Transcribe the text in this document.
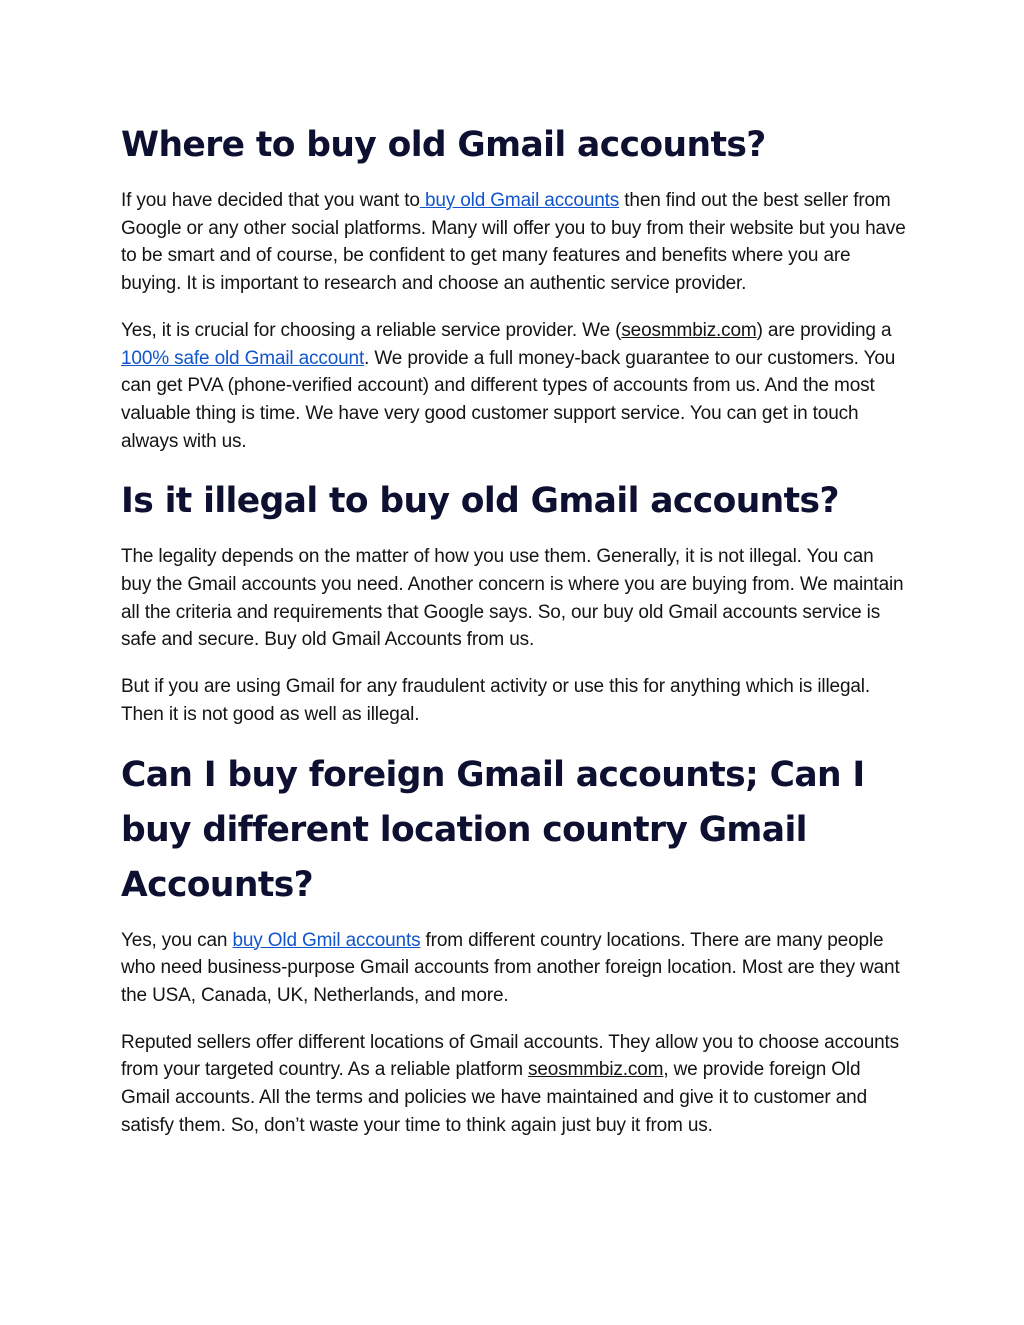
Where to buy old Gmail accounts?

If you have decided that you want to buy old Gmail accounts then find out the best seller from Google or any other social platforms. Many will offer you to buy from their website but you have to be smart and of course, be confident to get many features and benefits where you are buying. It is important to research and choose an authentic service provider.

Yes, it is crucial for choosing a reliable service provider. We (seosmmbiz.com) are providing a 100% safe old Gmail account. We provide a full money-back guarantee to our customers. You can get PVA (phone-verified account) and different types of accounts from us. And the most valuable thing is time. We have very good customer support service. You can get in touch always with us.

Is it illegal to buy old Gmail accounts?

The legality depends on the matter of how you use them. Generally, it is not illegal. You can buy the Gmail accounts you need. Another concern is where you are buying from. We maintain all the criteria and requirements that Google says. So, our buy old Gmail accounts service is safe and secure. Buy old Gmail Accounts from us.

But if you are using Gmail for any fraudulent activity or use this for anything which is illegal. Then it is not good as well as illegal.

Can I buy foreign Gmail accounts; Can I buy different location country Gmail Accounts?

Yes, you can buy Old Gmil accounts from different country locations. There are many people who need business-purpose Gmail accounts from another foreign location. Most are they want the USA, Canada, UK, Netherlands, and more.

Reputed sellers offer different locations of Gmail accounts. They allow you to choose accounts from your targeted country. As a reliable platform seosmmbiz.com, we provide foreign Old Gmail accounts. All the terms and policies we have maintained and give it to customer and satisfy them. So, don’t waste your time to think again just buy it from us.
